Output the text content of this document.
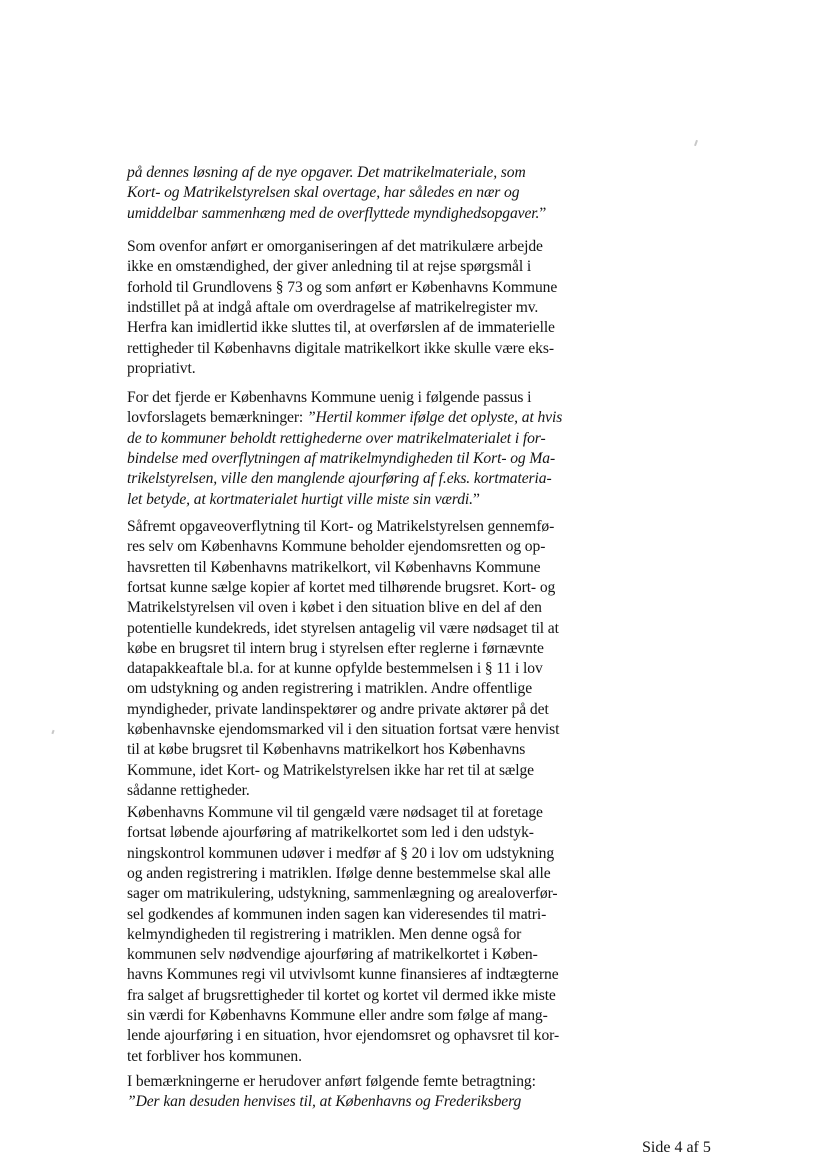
på dennes løsning af de nye opgaver. Det matrikelmateriale, som
Kort- og Matrikelstyrelsen skal overtage, har således en nær og
umiddelbar sammenhæng med de overflyttede myndighedsopgaver.”
Som ovenfor anført er omorganiseringen af det matrikulære arbejde
ikke en omstændighed, der giver anledning til at rejse spørgsmål i
forhold til Grundlovens § 73 og som anført er Københavns Kommune
indstillet på at indgå aftale om overdragelse af matrikelregister mv.
Herfra kan imidlertid ikke sluttes til, at overførslen af de immaterielle
rettigheder til Københavns digitale matrikelkort ikke skulle være eks-
propriativt.
For det fjerde er Københavns Kommune uenig i følgende passus i
lovforslagets bemærkninger: ”Hertil kommer ifølge det oplyste, at hvis
de to kommuner beholdt rettighederne over matrikelmaterialet i for-
bindelse med overflytningen af matrikelmyndigheden til Kort- og Ma-
trikelstyrelsen, ville den manglende ajourføring af f.eks. kortmateria-
let betyde, at kortmaterialet hurtigt ville miste sin værdi.”
Såfremt opgaveoverflytning til Kort- og Matrikelstyrelsen gennemfø-
res selv om Københavns Kommune beholder ejendomsretten og op-
havsretten til Københavns matrikelkort, vil Københavns Kommune
fortsat kunne sælge kopier af kortet med tilhørende brugsret. Kort- og
Matrikelstyrelsen vil oven i købet i den situation blive en del af den
potentielle kundekreds, idet styrelsen antagelig vil være nødsaget til at
købe en brugsret til intern brug i styrelsen efter reglerne i førnævnte
datapakkeaftale bl.a. for at kunne opfylde bestemmelsen i § 11 i lov
om udstykning og anden registrering i matriklen. Andre offentlige
myndigheder, private landinspektører og andre private aktører på det
københavnske ejendomsmarked vil i den situation fortsat være henvist
til at købe brugsret til Københavns matrikelkort hos Københavns
Kommune, idet Kort- og Matrikelstyrelsen ikke har ret til at sælge
sådanne rettigheder.
Københavns Kommune vil til gengæld være nødsaget til at foretage
fortsat løbende ajourføring af matrikelkortet som led i den udstyk-
ningskontrol kommunen udøver i medfør af § 20 i lov om udstykning
og anden registrering i matriklen. Ifølge denne bestemmelse skal alle
sager om matrikulering, udstykning, sammenlægning og arealoverfør-
sel godkendes af kommunen inden sagen kan videresendes til matri-
kelmyndigheden til registrering i matriklen. Men denne også for
kommunen selv nødvendige ajourføring af matrikelkortet i Køben-
havns Kommunes regi vil utvivlsomt kunne finansieres af indtægterne
fra salget af brugsrettigheder til kortet og kortet vil dermed ikke miste
sin værdi for Københavns Kommune eller andre som følge af mang-
lende ajourføring i en situation, hvor ejendomsret og ophavsret til kor-
tet forbliver hos kommunen.
I bemærkningerne er herudover anført følgende femte betragtning:
”Der kan desuden henvises til, at Københavns og Frederiksberg
Side 4 af 5
